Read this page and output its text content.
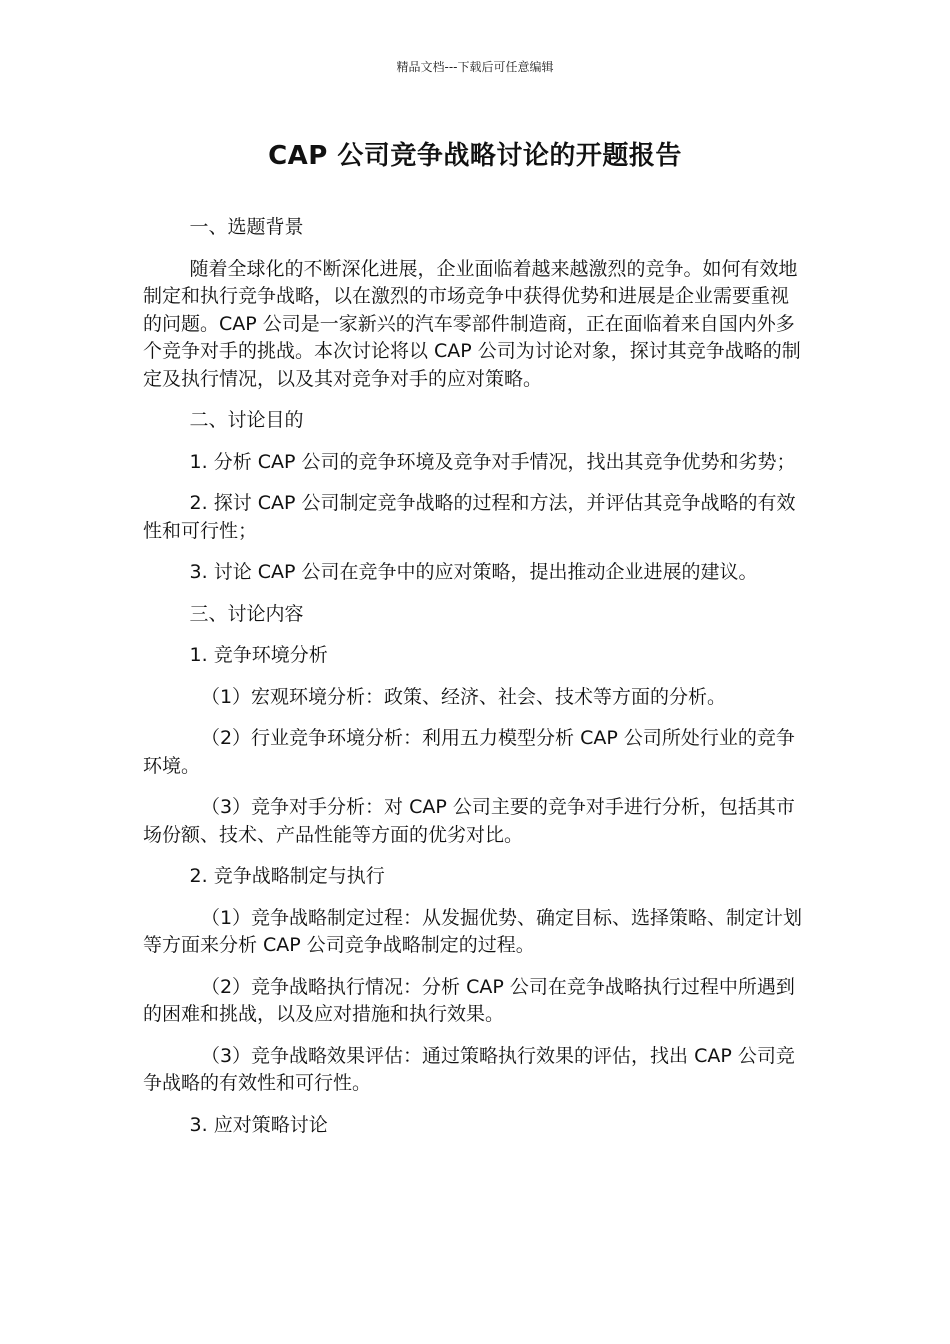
精品文档---下载后可任意编辑
CAP 公司竞争战略讨论的开题报告

一、选题背景

随着全球化的不断深化进展，企业面临着越来越激烈的竞争。如何有效地制定和执行竞争战略，以在激烈的市场竞争中获得优势和进展是企业需要重视的问题。CAP 公司是一家新兴的汽车零部件制造商，正在面临着来自国内外多个竞争对手的挑战。本次讨论将以 CAP 公司为讨论对象，探讨其竞争战略的制定及执行情况，以及其对竞争对手的应对策略。

二、讨论目的

1. 分析 CAP 公司的竞争环境及竞争对手情况，找出其竞争优势和劣势；

2. 探讨 CAP 公司制定竞争战略的过程和方法，并评估其竞争战略的有效性和可行性；

3. 讨论 CAP 公司在竞争中的应对策略，提出推动企业进展的建议。

三、讨论内容

1. 竞争环境分析

（1）宏观环境分析：政策、经济、社会、技术等方面的分析。

（2）行业竞争环境分析：利用五力模型分析 CAP 公司所处行业的竞争环境。

（3）竞争对手分析：对 CAP 公司主要的竞争对手进行分析，包括其市场份额、技术、产品性能等方面的优劣对比。

2. 竞争战略制定与执行

（1）竞争战略制定过程：从发掘优势、确定目标、选择策略、制定计划等方面来分析 CAP 公司竞争战略制定的过程。

（2）竞争战略执行情况：分析 CAP 公司在竞争战略执行过程中所遇到的困难和挑战，以及应对措施和执行效果。

（3）竞争战略效果评估：通过策略执行效果的评估，找出 CAP 公司竞争战略的有效性和可行性。

3. 应对策略讨论
